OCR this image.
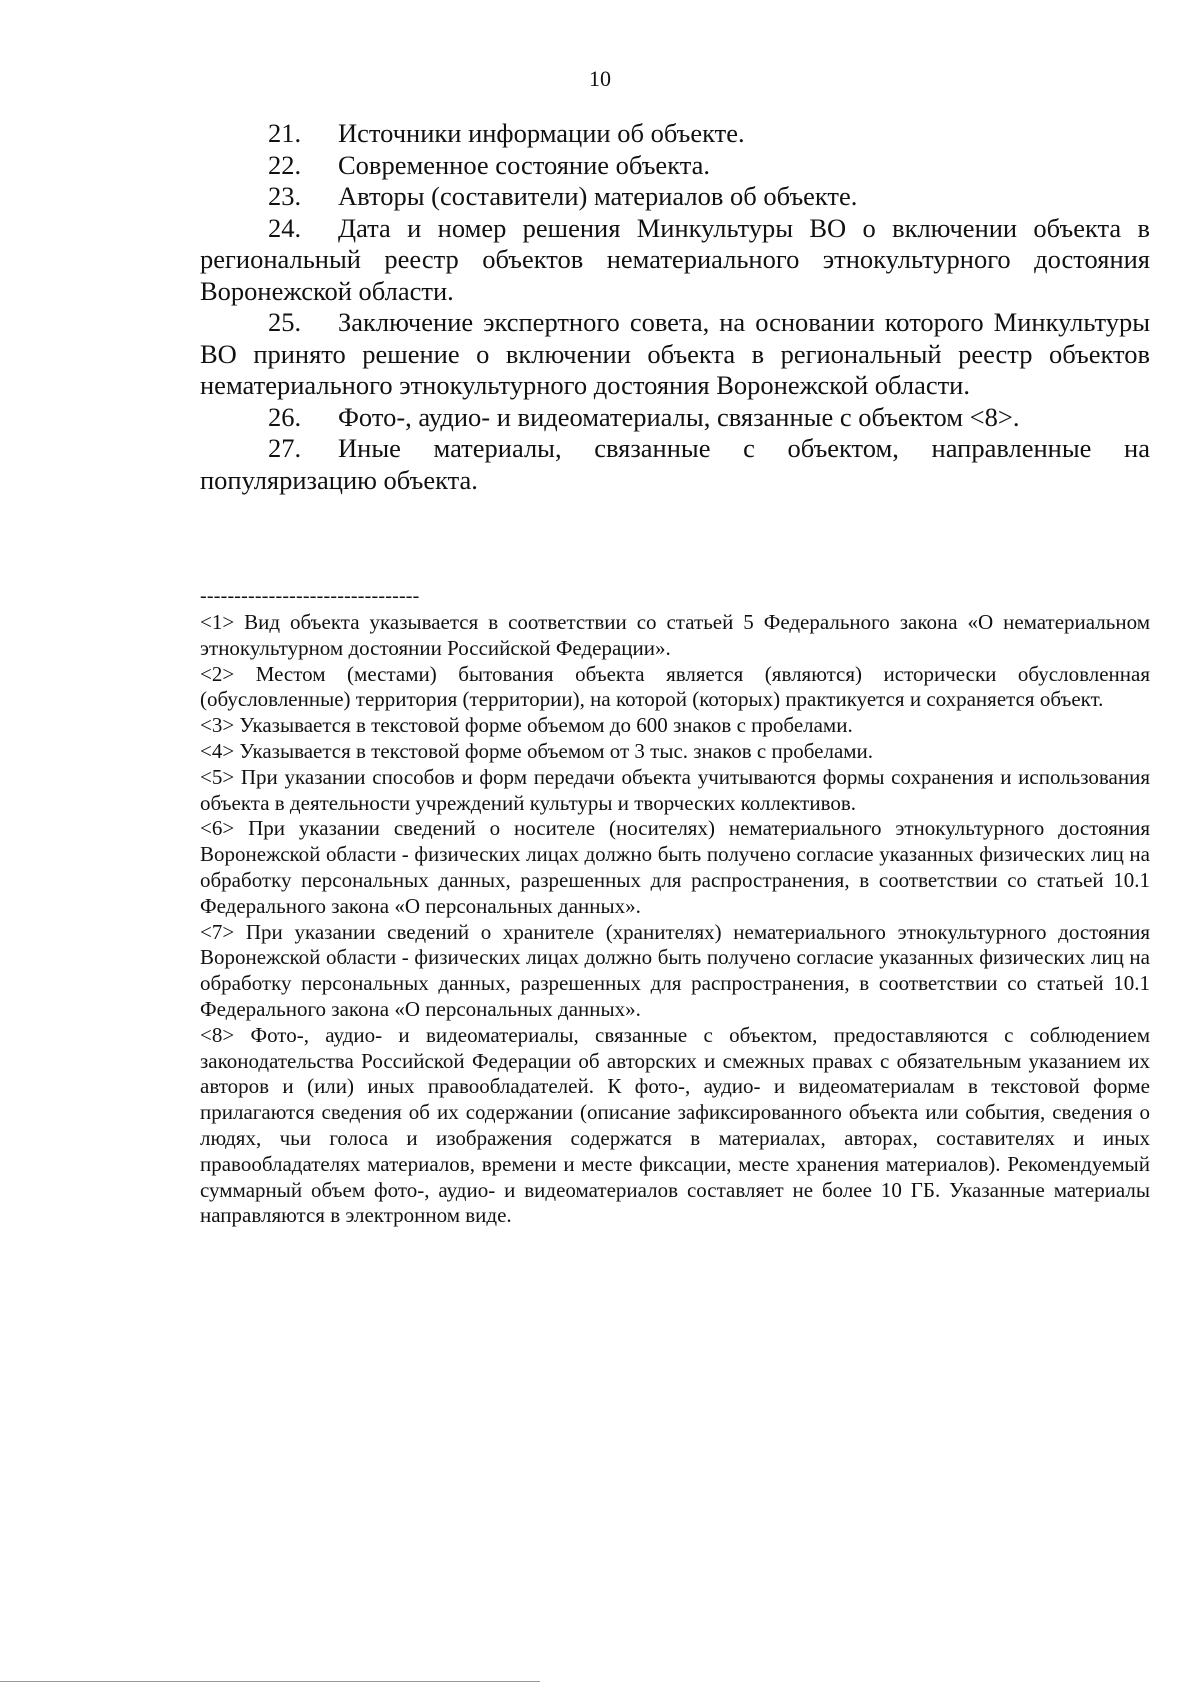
10

21. Источники информации об объекте.

22. Современное состояние объекта.

23. Авторы (составители) материалов об объекте.

24. Дата и номер решения Минкультуры ВО о включении объекта в региональный реестр объектов нематериального этнокультурного достояния Воронежской области.

25. Заключение экспертного совета, на основании которого Минкультуры ВО принято решение о включении объекта в региональный реестр объектов нематериального этнокультурного достояния Воронежской области.

26. Фото-, аудио- и видеоматериалы, связанные с объектом <8>.

27. Иные материалы, связанные с объектом, направленные на популяризацию объекта.

--------------------------------

<1> Вид объекта указывается в соответствии со статьей 5 Федерального закона «О нематериальном этнокультурном достоянии Российской Федерации».

<2> Местом (местами) бытования объекта является (являются) исторически обусловленная (обусловленные) территория (территории), на которой (которых) практикуется и сохраняется объект.

<3> Указывается в текстовой форме объемом до 600 знаков с пробелами.

<4> Указывается в текстовой форме объемом от 3 тыс. знаков с пробелами.

<5> При указании способов и форм передачи объекта учитываются формы сохранения и использования объекта в деятельности учреждений культуры и творческих коллективов.

<6> При указании сведений о носителе (носителях) нематериального этнокультурного достояния Воронежской области - физических лицах должно быть получено согласие указанных физических лиц на обработку персональных данных, разрешенных для распространения, в соответствии со статьей 10.1 Федерального закона «О персональных данных».

<7> При указании сведений о хранителе (хранителях) нематериального этнокультурного достояния Воронежской области - физических лицах должно быть получено согласие указанных физических лиц на обработку персональных данных, разрешенных для распространения, в соответствии со статьей 10.1 Федерального закона «О персональных данных».

<8> Фото-, аудио- и видеоматериалы, связанные с объектом, предоставляются с соблюдением законодательства Российской Федерации об авторских и смежных правах с обязательным указанием их авторов и (или) иных правообладателей. К фото-, аудио- и видеоматериалам в текстовой форме прилагаются сведения об их содержании (описание зафиксированного объекта или события, сведения о людях, чьи голоса и изображения содержатся в материалах, авторах, составителях и иных правообладателях материалов, времени и месте фиксации, месте хранения материалов). Рекомендуемый суммарный объем фото-, аудио- и видеоматериалов составляет не более 10 ГБ. Указанные материалы направляются в электронном виде.
